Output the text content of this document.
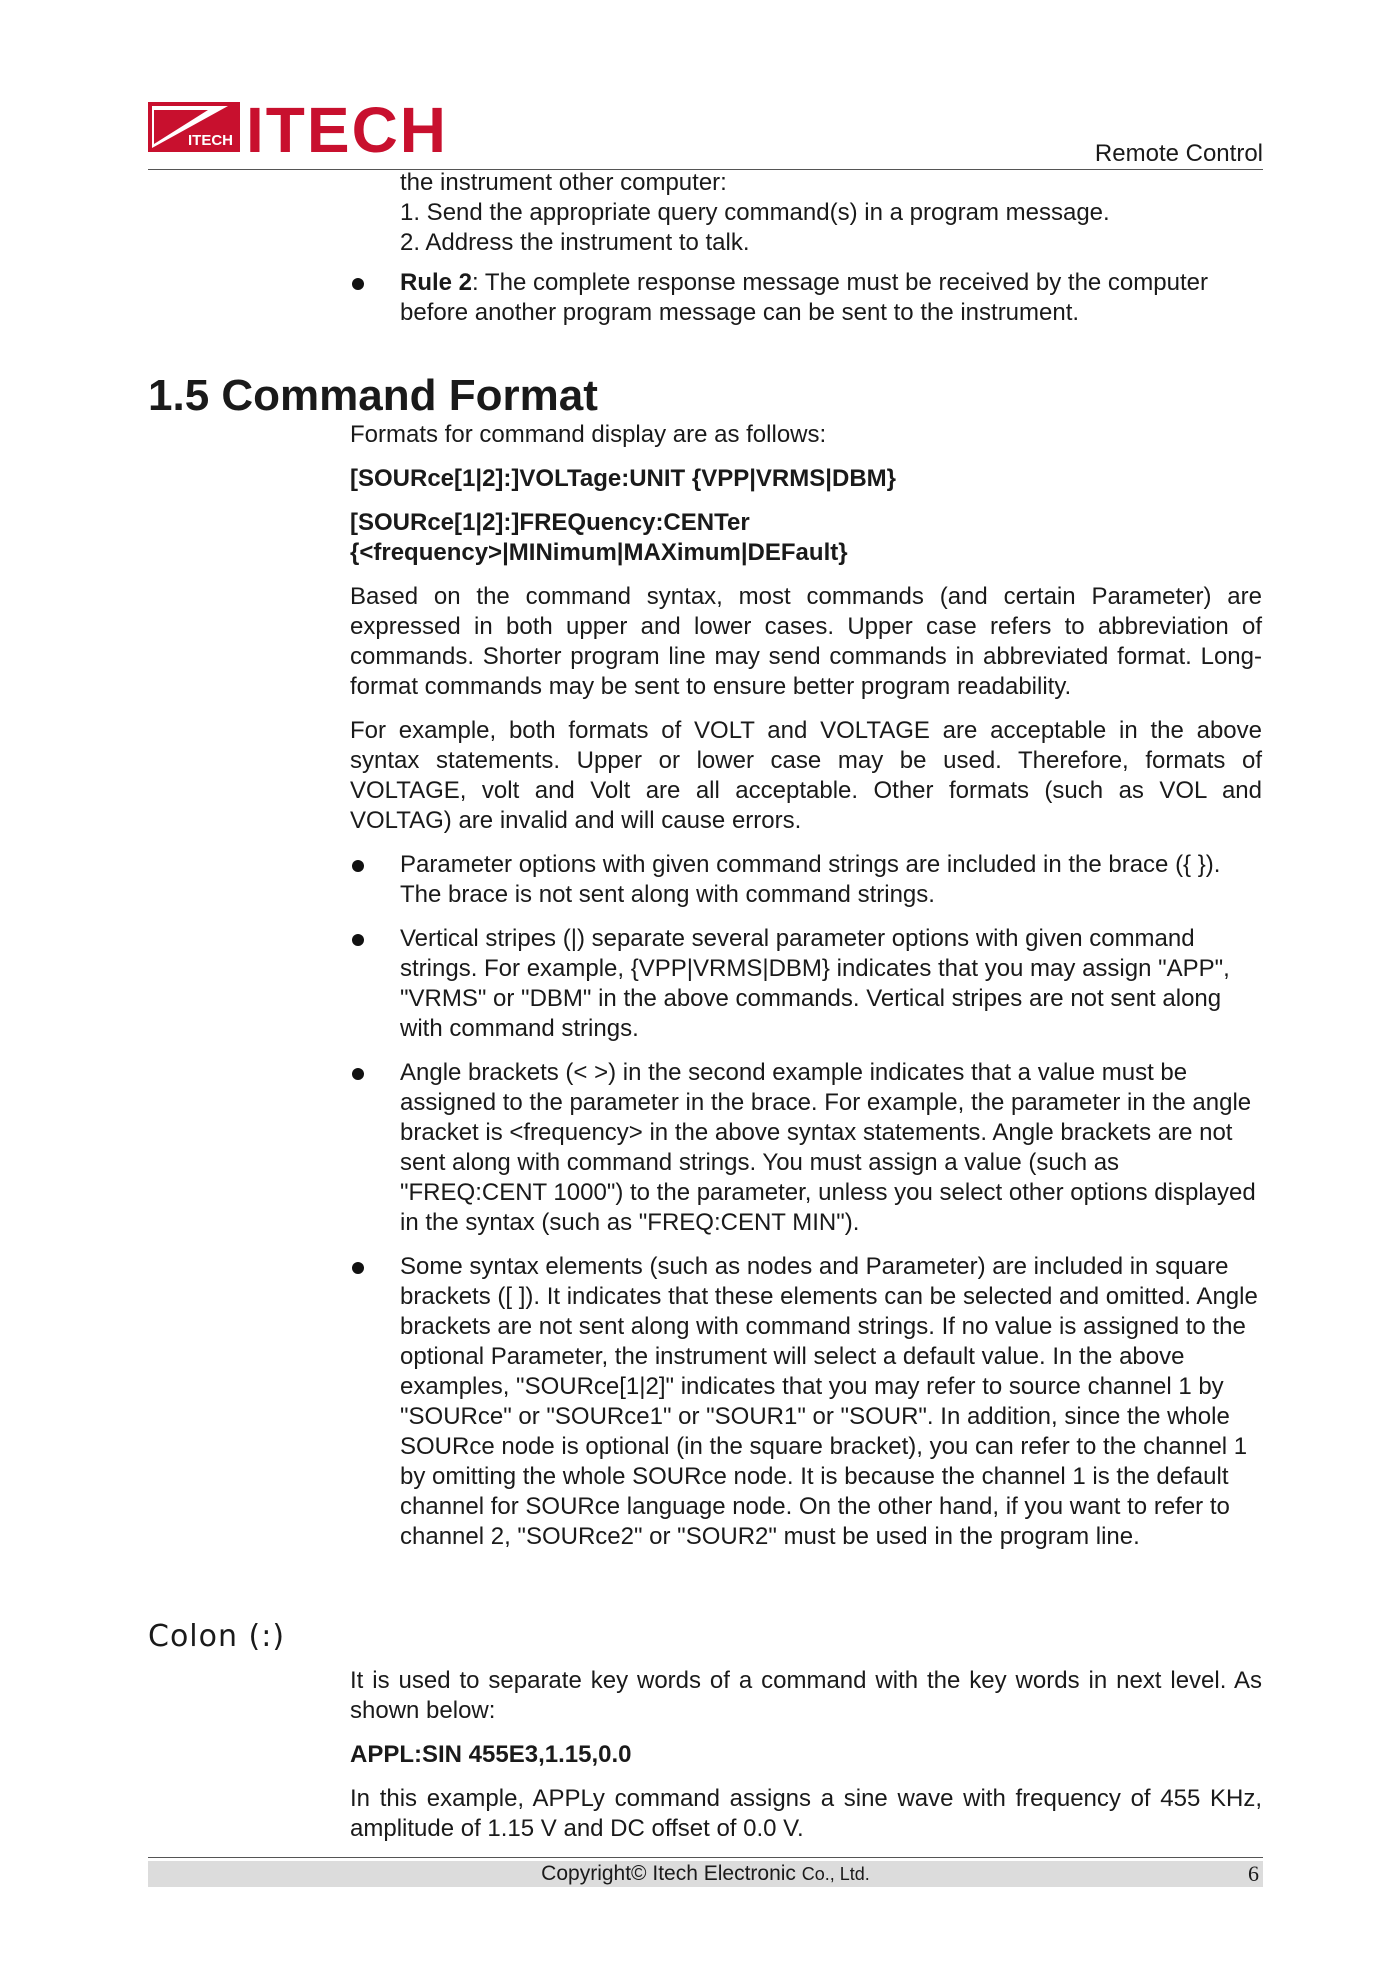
ITECH ITECH	Remote Control

the instrument other computer:

1. Send the appropriate query command(s) in a program message.

2. Address the instrument to talk.

Rule 2: The complete response message must be received by the computer before another program message can be sent to the instrument.

1.5 Command Format

Formats for command display are as follows:

[SOURce[1|2]:]VOLTage:UNIT {VPP|VRMS|DBM}

[SOURce[1|2]:]FREQuency:CENTer

{<frequency>|MINimum|MAXimum|DEFault}

Based on the command syntax, most commands (and certain Parameter) are expressed in both upper and lower cases. Upper case refers to abbreviation of commands. Shorter program line may send commands in abbreviated format. Long-format commands may be sent to ensure better program readability.

For example, both formats of VOLT and VOLTAGE are acceptable in the above syntax statements. Upper or lower case may be used. Therefore, formats of VOLTAGE, volt and Volt are all acceptable. Other formats (such as VOL and VOLTAG) are invalid and will cause errors.

Parameter options with given command strings are included in the brace ({ }). The brace is not sent along with command strings.

Vertical stripes (|) separate several parameter options with given command strings. For example, {VPP|VRMS|DBM} indicates that you may assign "APP", "VRMS" or "DBM" in the above commands. Vertical stripes are not sent along with command strings.

Angle brackets (< >) in the second example indicates that a value must be assigned to the parameter in the brace. For example, the parameter in the angle bracket is <frequency> in the above syntax statements. Angle brackets are not sent along with command strings. You must assign a value (such as "FREQ:CENT 1000") to the parameter, unless you select other options displayed in the syntax (such as "FREQ:CENT MIN").

Some syntax elements (such as nodes and Parameter) are included in square brackets ([ ]). It indicates that these elements can be selected and omitted. Angle brackets are not sent along with command strings. If no value is assigned to the optional Parameter, the instrument will select a default value. In the above examples, "SOURce[1|2]" indicates that you may refer to source channel 1 by "SOURce" or "SOURce1" or "SOUR1" or "SOUR". In addition, since the whole SOURce node is optional (in the square bracket), you can refer to the channel 1 by omitting the whole SOURce node. It is because the channel 1 is the default channel for SOURce language node. On the other hand, if you want to refer to channel 2, "SOURce2" or "SOUR2" must be used in the program line.

Colon (:)

It is used to separate key words of a command with the key words in next level. As shown below:

APPL:SIN 455E3,1.15,0.0

In this example, APPLy command assigns a sine wave with frequency of 455 KHz, amplitude of 1.15 V and DC offset of 0.0 V.

Copyright© Itech Electronic Co., Ltd.	6
